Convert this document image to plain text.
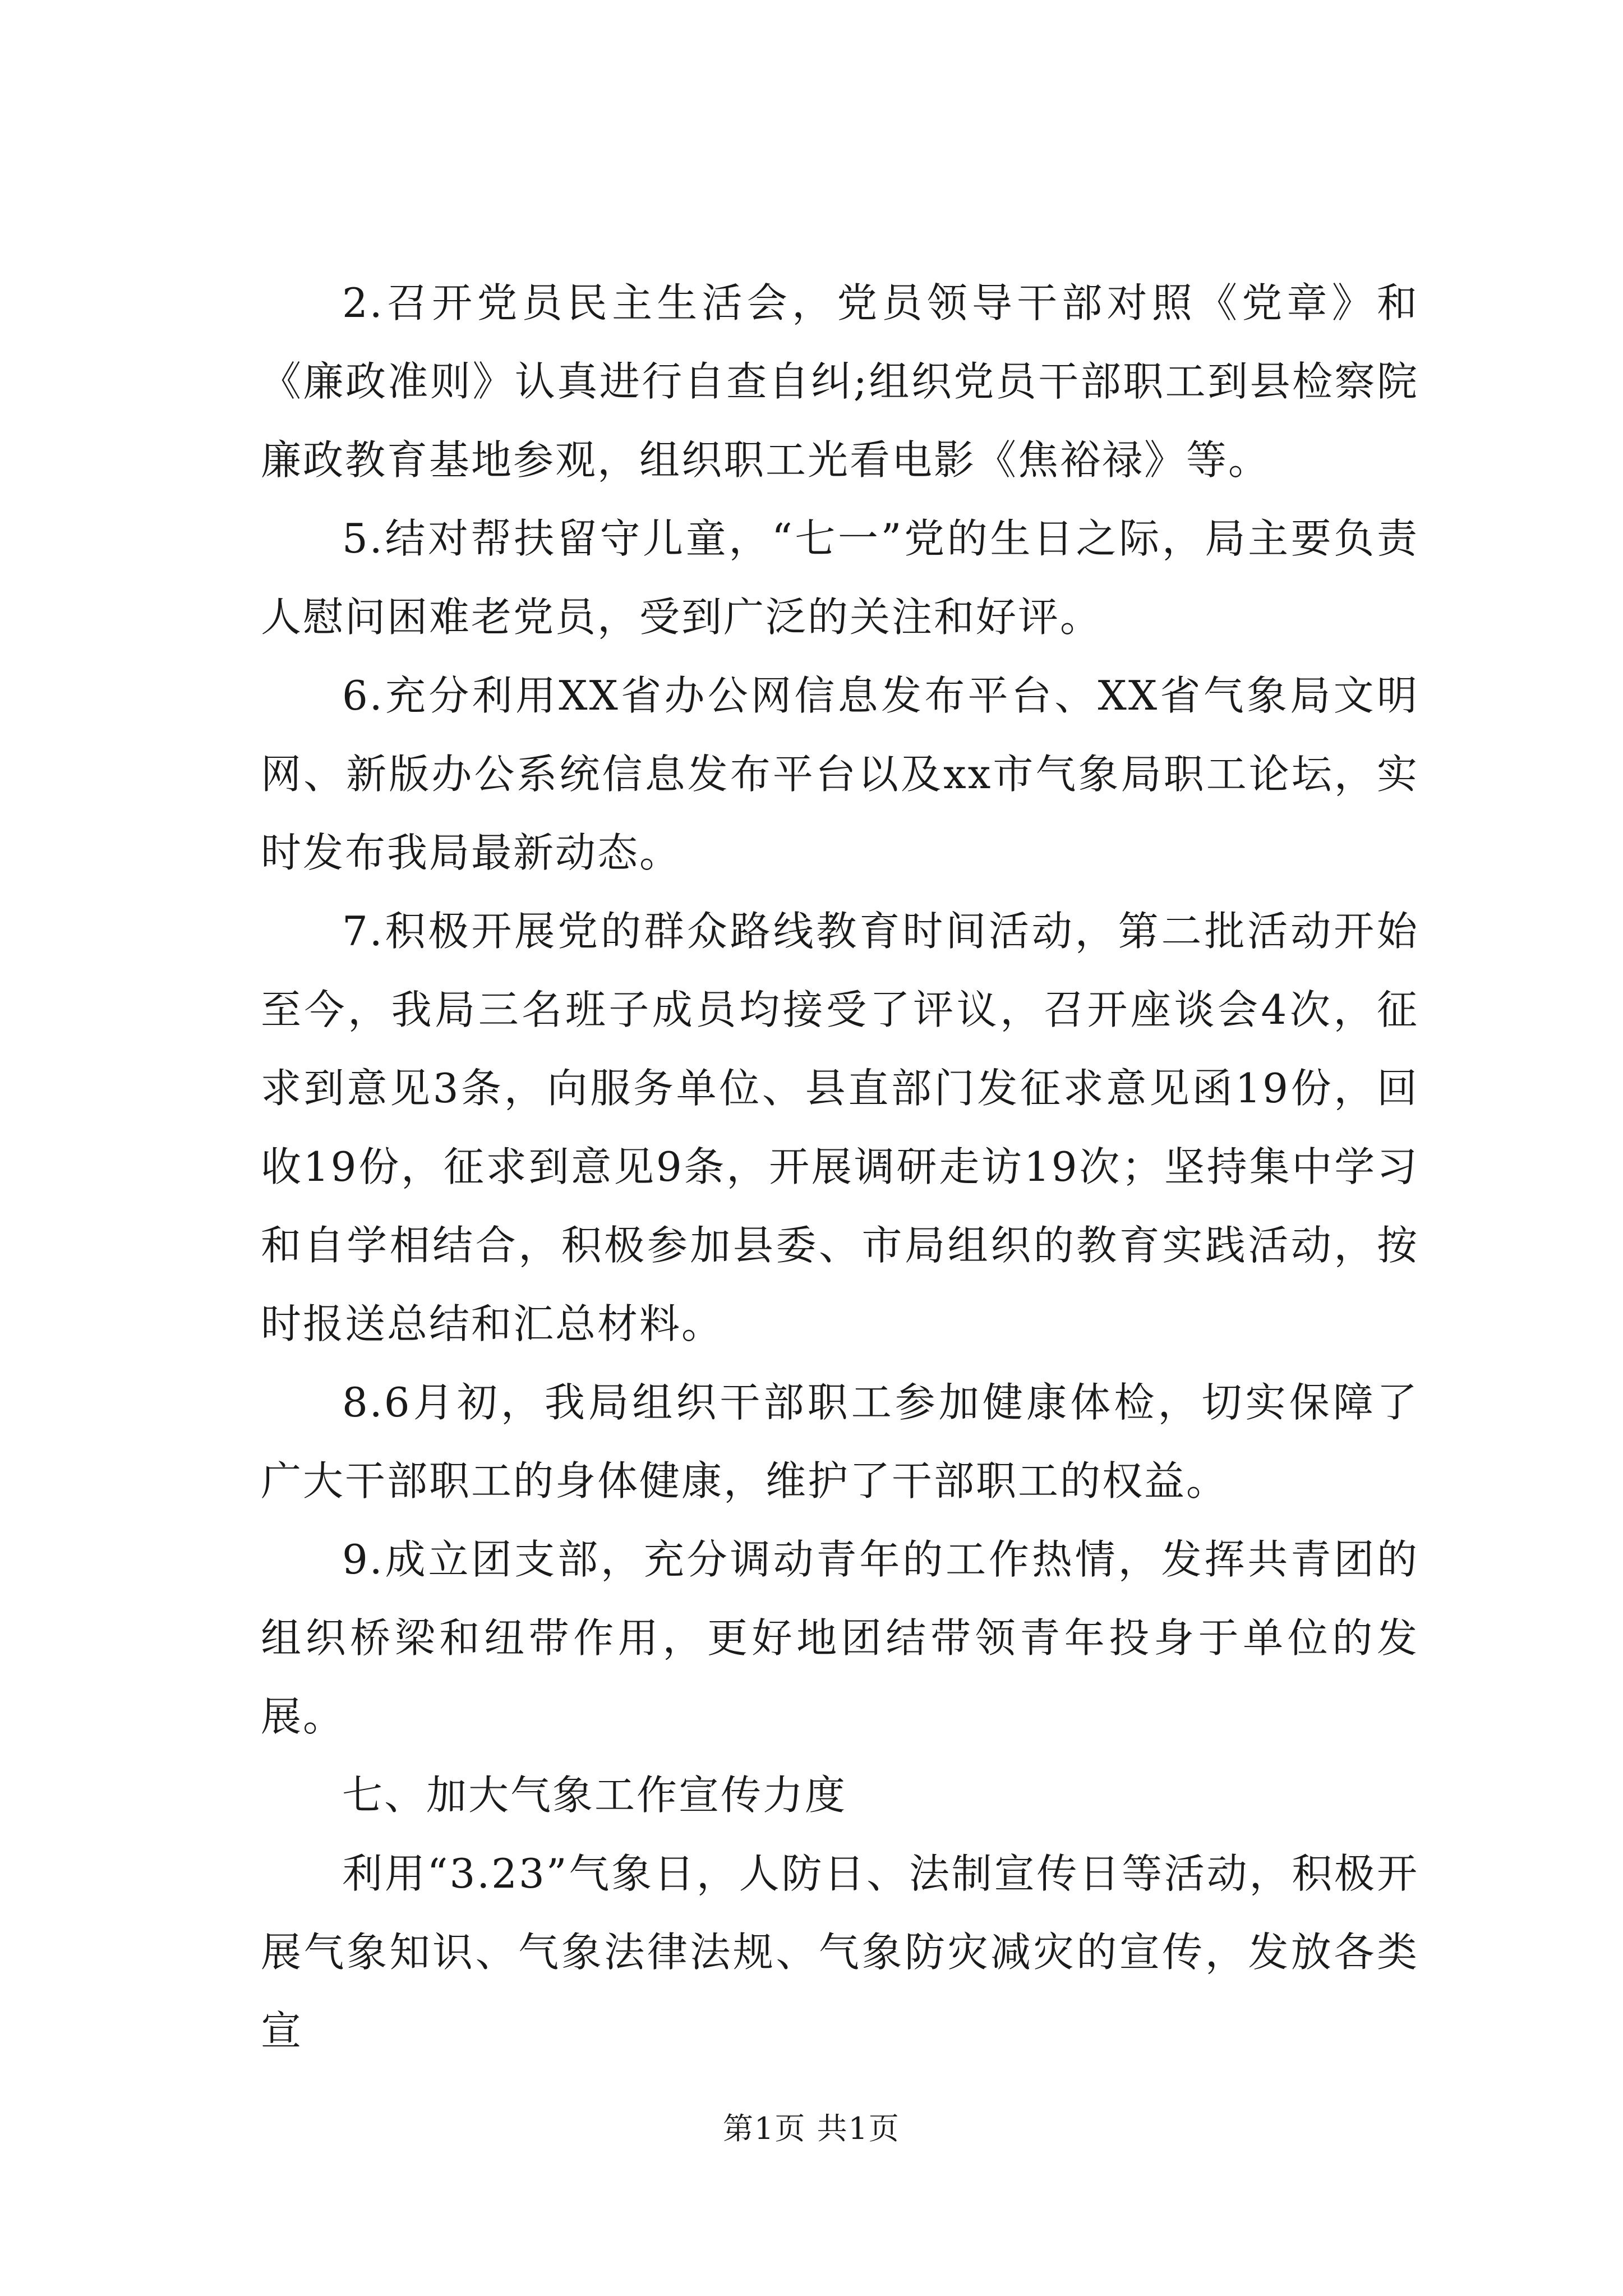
2.召开党员民主生活会，党员领导干部对照《党章》和《廉政准则》认真进行自查自纠;组织党员干部职工到县检察院廉政教育基地参观，组织职工光看电影《焦裕禄》等。

5.结对帮扶留守儿童，“七一”党的生日之际，局主要负责人慰问困难老党员，受到广泛的关注和好评。

6.充分利用XX省办公网信息发布平台、XX省气象局文明网、新版办公系统信息发布平台以及xx市气象局职工论坛，实时发布我局最新动态。

7.积极开展党的群众路线教育时间活动，第二批活动开始至今，我局三名班子成员均接受了评议，召开座谈会4次，征求到意见3条，向服务单位、县直部门发征求意见函19份，回收19份，征求到意见9条，开展调研走访19次；坚持集中学习和自学相结合，积极参加县委、市局组织的教育实践活动，按时报送总结和汇总材料。

8.6月初，我局组织干部职工参加健康体检，切实保障了广大干部职工的身体健康，维护了干部职工的权益。

9.成立团支部，充分调动青年的工作热情，发挥共青团的组织桥梁和纽带作用，更好地团结带领青年投身于单位的发展。

七、加大气象工作宣传力度

利用“3.23”气象日，人防日、法制宣传日等活动，积极开展气象知识、气象法律法规、气象防灾减灾的宣传，发放各类宣

第1页 共1页
